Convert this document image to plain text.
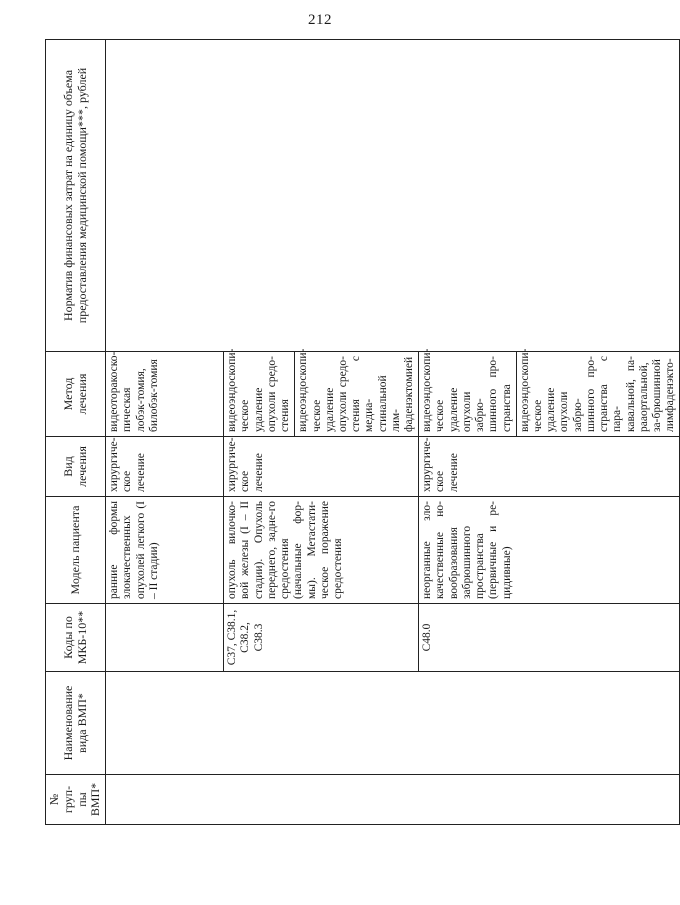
212
№ груп-пы ВМП*	Наименование вида ВМП*	Коды по МКБ-10**	Модель пациента	Вид лечения	Метод лечения	Норматив финансовых затрат на единицу объема предоставления медицинской помощи***, рублей
			ранние формы злокачественных опухолей легкого (I – II стадии)	хирургиче-ское лечение	видеоторакоско-пическая лобэк-томия, билобэк-томия	
		C37, C38.1, C38.2, C38.3	опухоль вилочко-вой железы (I – II стадии). Опухоль переднего, задне-го средостения (начальные фор-мы). Метастати-ческое поражение средостения	хирургиче-ское лечение	видеоэндоскопи-ческое удаление опухоли средо-стения	
					видеоэндоскопи-ческое удаление опухоли средо-стения с медиа-стинальной лим-фаденэктомией	
		C48.0	неорганные зло-качественные но-вообразования забрюшинного пространства (первичные и ре-цидивные)	хирургиче-ское лечение	видеоэндоскопи-ческое удаление опухоли забрю-шинного про-странства	
					видеоэндоскопи-ческое удаление опухоли забрю-шинного про-странства с пара-кавальной, па-рааортальной, за-брюшинной лимфаденэкто-	
